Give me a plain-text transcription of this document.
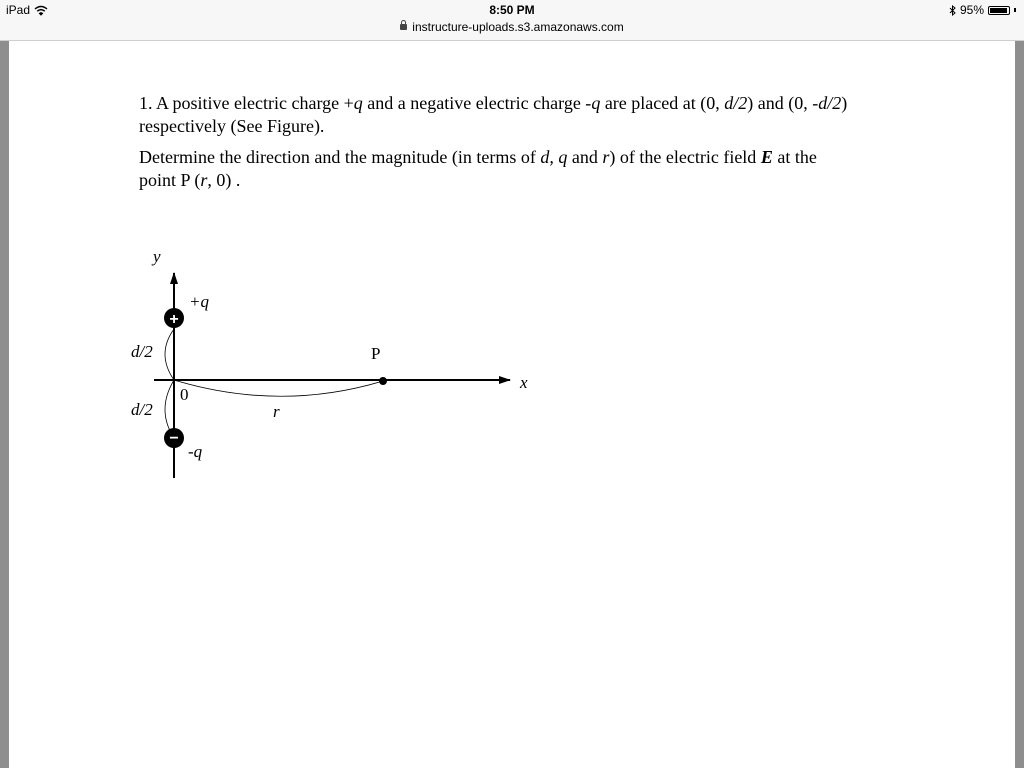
iPad	8:50 PM	95%
instructure-uploads.s3.amazonaws.com

1. A positive electric charge +q and a negative electric charge -q are placed at (0, d/2) and (0, -d/2)
respectively (See Figure).

Determine the direction and the magnitude (in terms of d, q and r) of the electric field E at the
point P (r, 0) .

+
−
y
x
+q
-q
d/2
d/2
0
P
r
